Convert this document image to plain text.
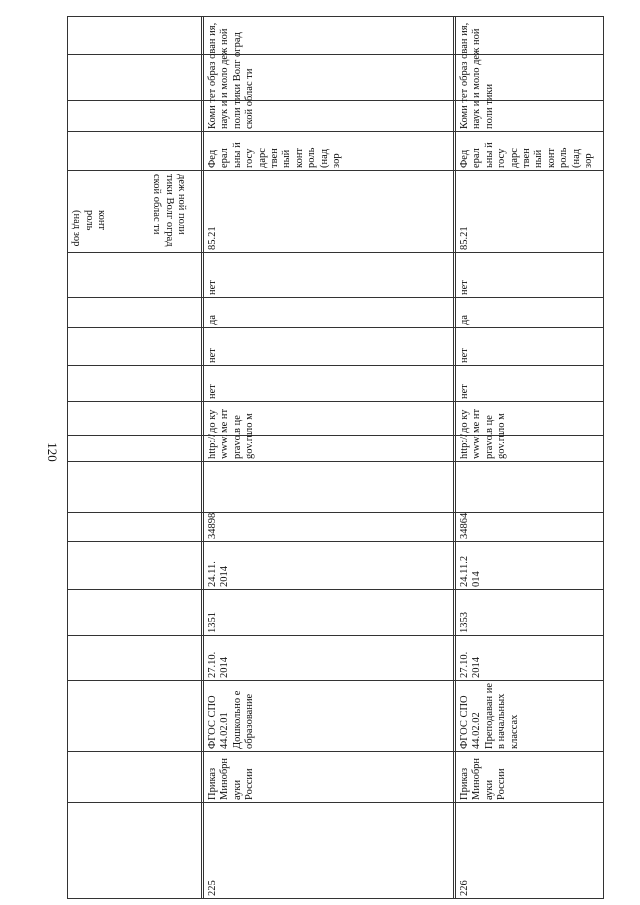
120
деж ной поли тики Волг оград ской облас ти
конт роль (над зор
225
Приказ Минобрн ауки России
ФГОС СПО 44.02.01 Дошкольно е образование
27.10. 2014
1351
24.11. 2014
34898
http:// www. pravo. gov.ru
до ку ме нт в це ло м
нет
нет
да
нет
85.21
Фед ерал ьны й госу дарс твен ный конт роль (над зор
Коми тет образ ован ия, наук и и моло деж ной поли тики Волг оград ской облас ти
226
Приказ Минобрн ауки России
ФГОС СПО 44.02.02 Преподаван ие в начальных классах
27.10. 2014
1353
24.11.2 014
34864
http:// www. pravo. gov.ru
до ку ме нт в це ло м
нет
нет
да
нет
85.21
Фед ерал ьны й госу дарс твен ный конт роль (над зор
Коми тет образ ован ия, наук и и моло деж ной поли тики
